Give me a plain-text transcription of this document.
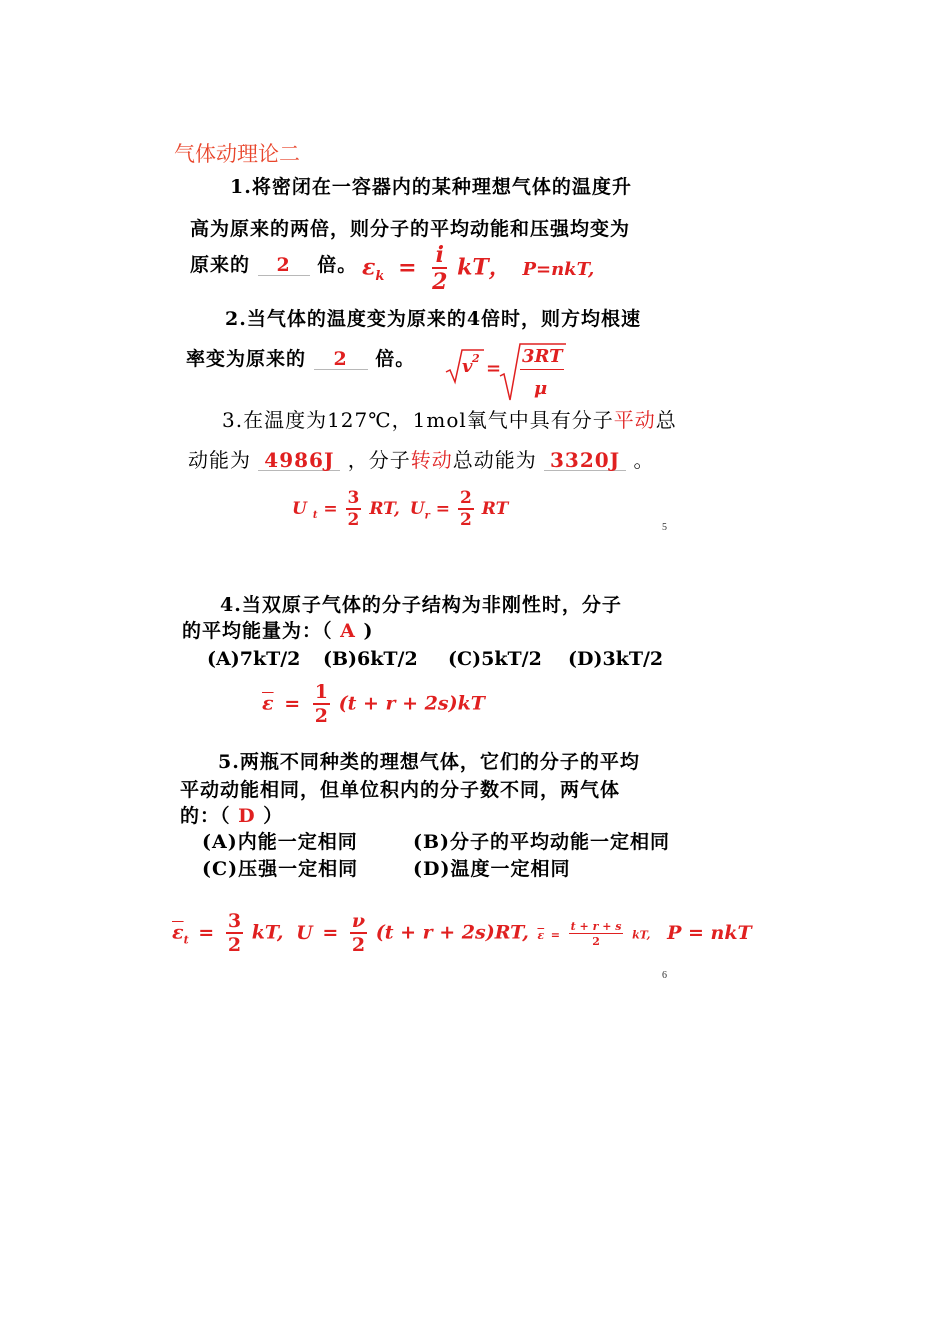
气体动理论二
1.将密闭在一容器内的某种理想气体的温度升
高为原来的两倍，则分子的平均动能和压强均变为
原来的 2 倍。 $\varepsilon_k = \frac{i}{2}$ kT， P=nkT,
2.当气体的温度变为原来的4倍时，则方均根速
率变为原来的 2 倍。	v 2 =
3RT
μ
3.在温度为127℃，1mol氧气中具有分子平动总
动能为 4986J ，分子转动总动能为 3320J 。
U $_t = \frac{3}{2}$ RT, $U_r = \frac{2}{2}$ RT
5
4.当双原子气体的分子结构为非刚性时，分子
的平均能量为：（ A )
(A)7kT/2 (B)6kT/2 (C)5kT/2 (D)3kT/2
$\overline{\varepsilon} = \frac{1}{2} (t + r + 2s)kT$
5.两瓶不同种类的理想气体，它们的分子的平均
平动动能相同，但单位积内的分子数不同，两气体
的：（ D ）
(A)内能一定相同	(B)分子的平均动能一定相同
(C)压强一定相同	(D)温度一定相同
$\overline{\varepsilon}_t = \frac{3}{2}$ kT, $U = \frac{\nu}{2} (t + r + 2s)RT$, $\overline{\varepsilon} = \frac{t + r + s}{2}$ kT, P = nkT
6
